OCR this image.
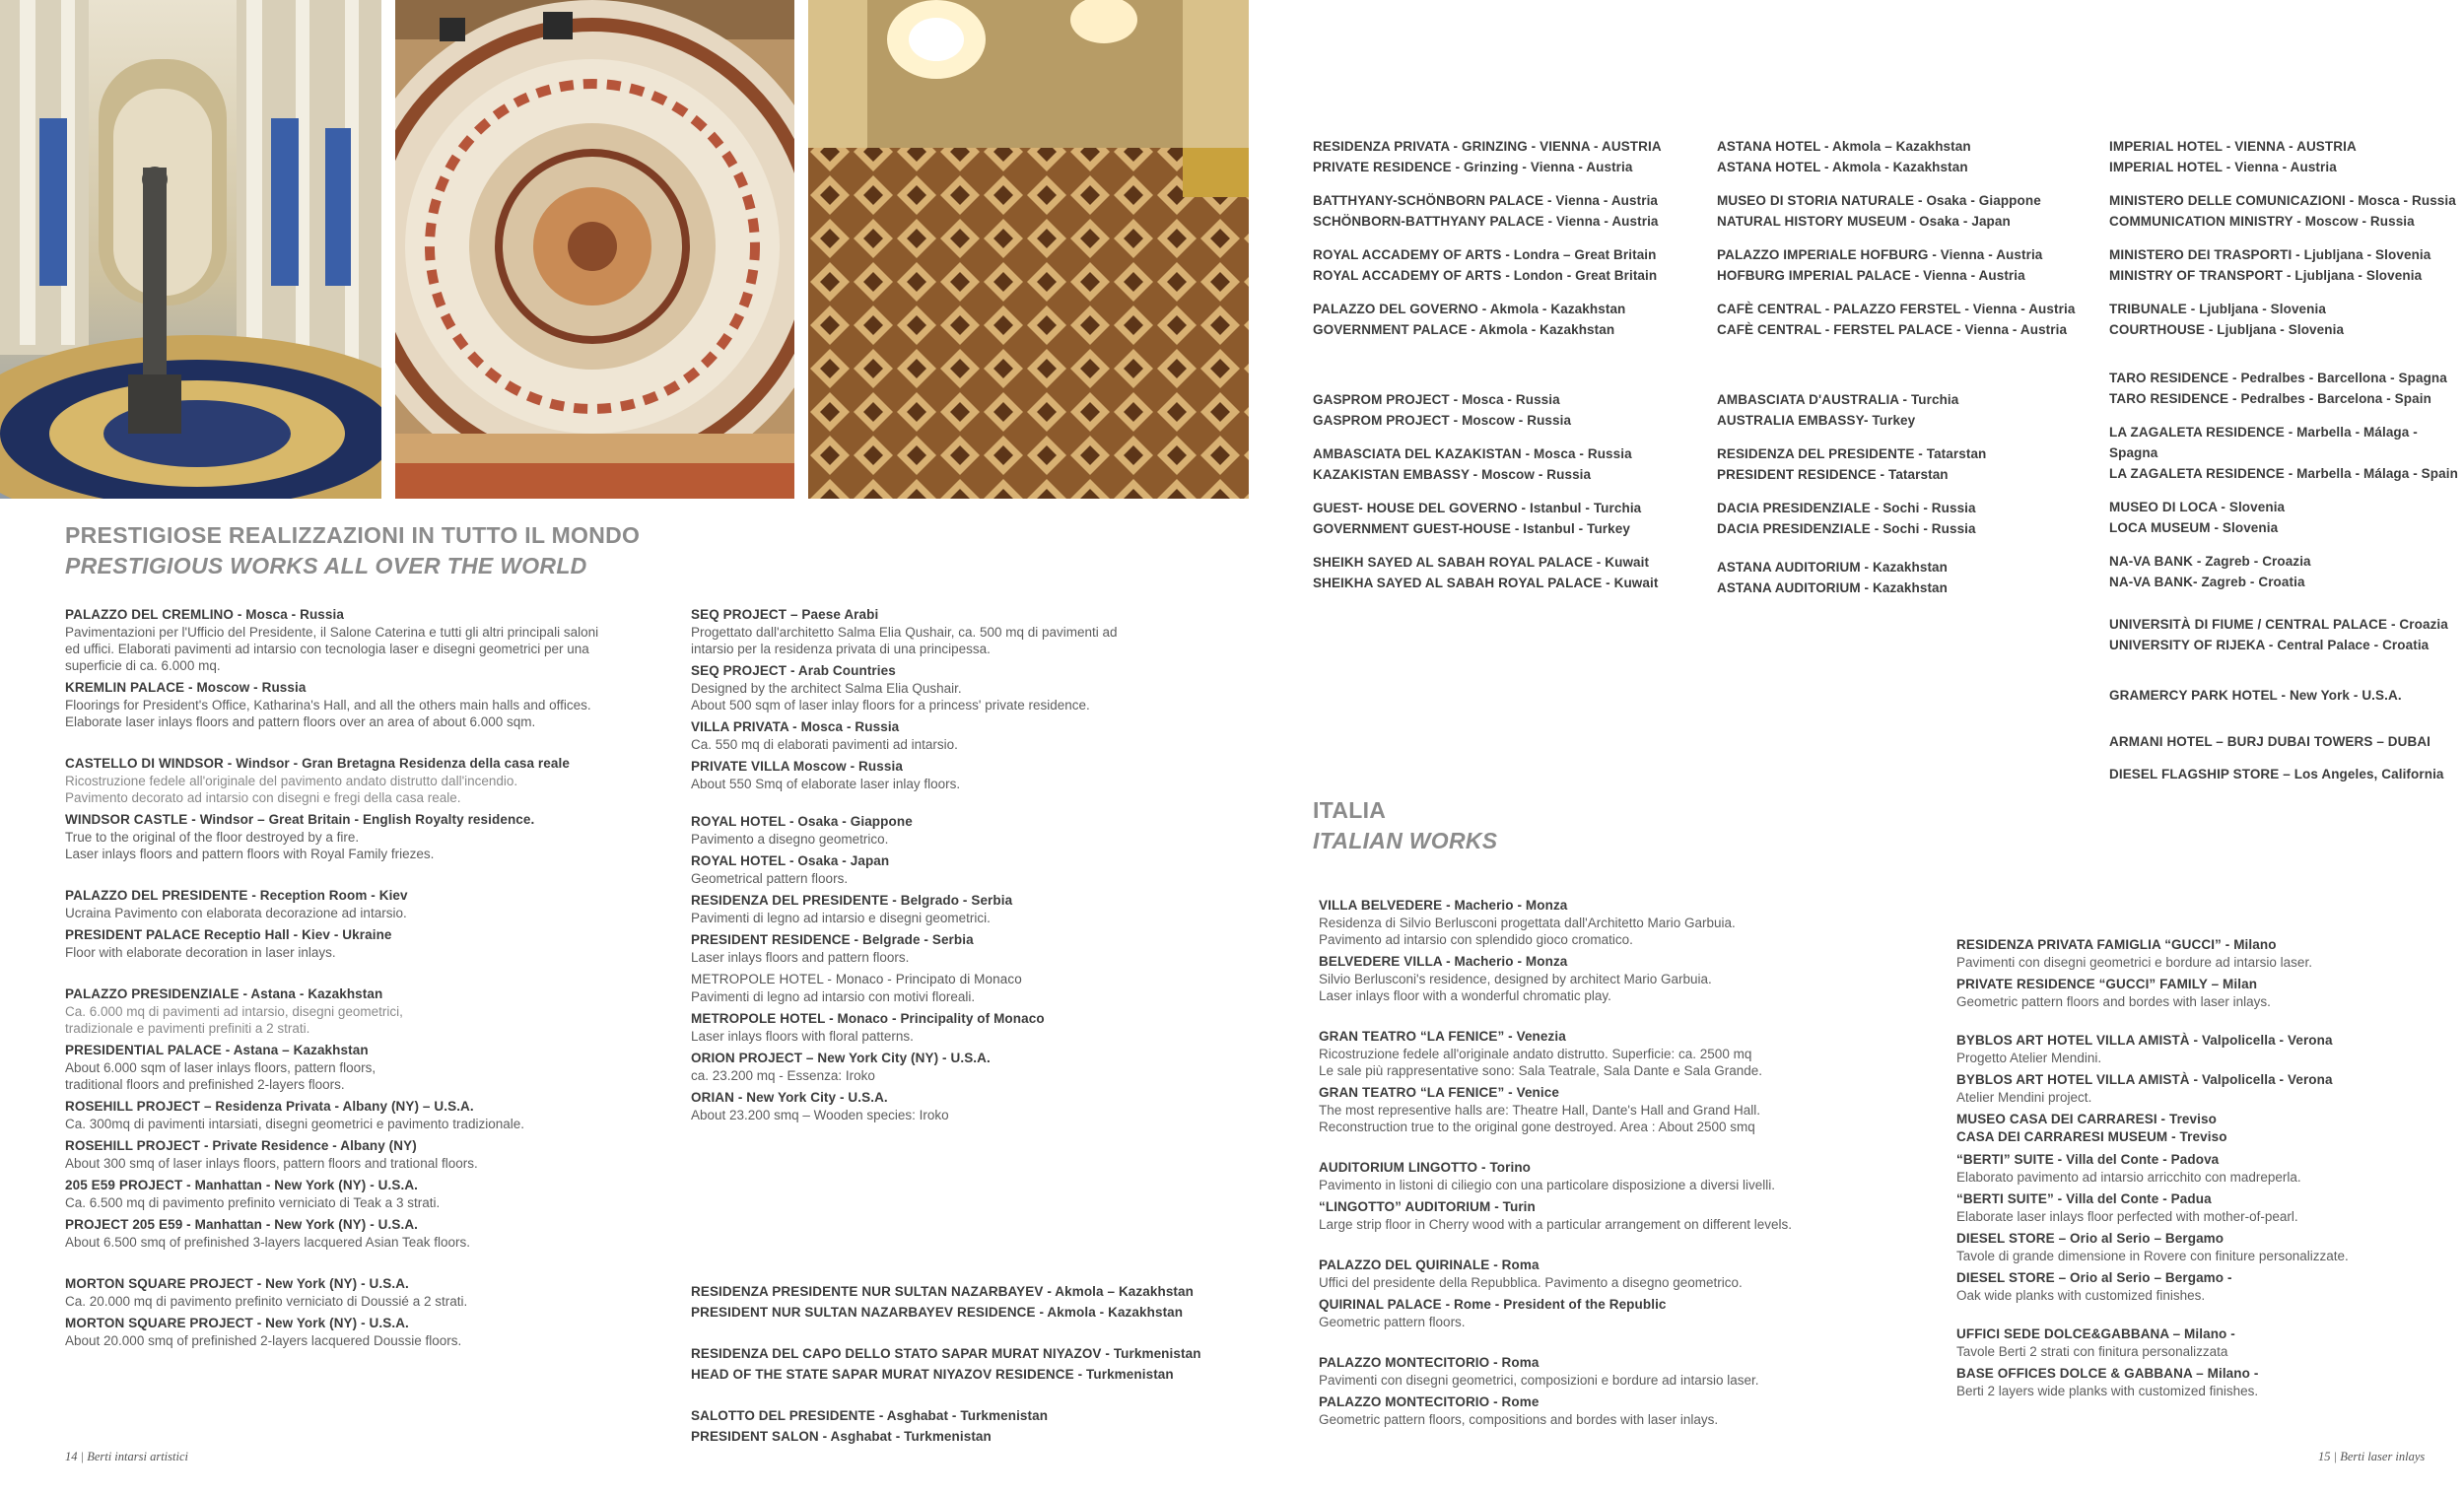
PRESTIGIOSE REALIZZAZIONI IN TUTTO IL MONDO
PRESTIGIOUS WORKS ALL OVER THE WORLD
PALAZZO DEL CREMLINO - Mosca - Russia
Pavimentazioni per l'Ufficio del Presidente, il Salone Caterina e tutti gli altri principali saloni
ed uffici. Elaborati pavimenti ad intarsio con tecnologia laser e disegni geometrici per una
superficie di ca. 6.000 mq.
KREMLIN PALACE - Moscow - Russia
Floorings for President's Office, Katharina's Hall, and all the others main halls and offices.
Elaborate laser inlays floors and pattern floors over an area of about 6.000 sqm.
CASTELLO DI WINDSOR - Windsor - Gran Bretagna Residenza della casa reale
Ricostruzione fedele all'originale del pavimento andato distrutto dall'incendio.
Pavimento decorato ad intarsio con disegni e fregi della casa reale.
WINDSOR CASTLE - Windsor – Great Britain - English Royalty residence.
True to the original of the floor destroyed by a fire.
Laser inlays floors and pattern floors with Royal Family friezes.
PALAZZO DEL PRESIDENTE - Reception Room - Kiev
Ucraina Pavimento con elaborata decorazione ad intarsio.
PRESIDENT PALACE Receptio Hall - Kiev - Ukraine
Floor with elaborate decoration in laser inlays.
PALAZZO PRESIDENZIALE - Astana - Kazakhstan
Ca. 6.000 mq di pavimenti ad intarsio, disegni geometrici,
tradizionale e pavimenti prefiniti a 2 strati.
PRESIDENTIAL PALACE - Astana – Kazakhstan
About 6.000 sqm of laser inlays floors, pattern floors,
traditional floors and prefinished 2-layers floors.
ROSEHILL PROJECT – Residenza Privata - Albany (NY) – U.S.A.
Ca. 300mq di pavimenti intarsiati, disegni geometrici e pavimento tradizionale.
ROSEHILL PROJECT - Private Residence - Albany (NY)
About 300 smq of laser inlays floors, pattern floors and trational floors.
205 E59 PROJECT - Manhattan - New York (NY) - U.S.A.
Ca. 6.500 mq di pavimento prefinito verniciato di Teak a 3 strati.
PROJECT 205 E59 - Manhattan - New York (NY) - U.S.A.
About 6.500 smq of prefinished 3-layers lacquered Asian Teak floors.
MORTON SQUARE PROJECT - New York (NY) - U.S.A.
Ca. 20.000 mq di pavimento prefinito verniciato di Doussié a 2 strati.
MORTON SQUARE PROJECT - New York (NY) - U.S.A.
About 20.000 smq of prefinished 2-layers lacquered Doussie floors.
SEQ PROJECT – Paese Arabi
Progettato dall'architetto Salma Elia Qushair, ca. 500 mq di pavimenti ad
intarsio per la residenza privata di una principessa.
SEQ PROJECT - Arab Countries
Designed by the architect Salma Elia Qushair.
About 500 sqm of laser inlay floors for a princess' private residence.
VILLA PRIVATA - Mosca - Russia
Ca. 550 mq di elaborati pavimenti ad intarsio.
PRIVATE VILLA Moscow - Russia
About 550 Smq of elaborate laser inlay floors.
ROYAL HOTEL - Osaka - Giappone
Pavimento a disegno geometrico.
ROYAL HOTEL - Osaka - Japan
Geometrical pattern floors.
RESIDENZA DEL PRESIDENTE - Belgrado - Serbia
Pavimenti di legno ad intarsio e disegni geometrici.
PRESIDENT RESIDENCE - Belgrade - Serbia
Laser inlays floors and pattern floors.
METROPOLE HOTEL - Monaco - Principato di Monaco
Pavimenti di legno ad intarsio con motivi floreali.
METROPOLE HOTEL - Monaco - Principality of Monaco
Laser inlays floors with floral patterns.
ORION PROJECT – New York City (NY) - U.S.A.
ca. 23.200 mq - Essenza: Iroko
ORIAN - New York City - U.S.A.
About 23.200 smq – Wooden species: Iroko
RESIDENZA PRESIDENTE NUR SULTAN NAZARBAYEV - Akmola – Kazakhstan
PRESIDENT NUR SULTAN NAZARBAYEV RESIDENCE - Akmola - Kazakhstan
RESIDENZA DEL CAPO DELLO STATO SAPAR MURAT NIYAZOV - Turkmenistan
HEAD OF THE STATE SAPAR MURAT NIYAZOV RESIDENCE - Turkmenistan
SALOTTO DEL PRESIDENTE - Asghabat - Turkmenistan
PRESIDENT SALON - Asghabat - Turkmenistan
RESIDENZA PRIVATA - GRINZING - VIENNA - AUSTRIA
PRIVATE RESIDENCE - Grinzing - Vienna - Austria
BATTHYANY-SCHÖNBORN PALACE - Vienna - Austria
SCHÖNBORN-BATTHYANY PALACE - Vienna - Austria
ROYAL ACCADEMY OF ARTS - Londra – Great Britain
ROYAL ACCADEMY OF ARTS - London - Great Britain
PALAZZO DEL GOVERNO - Akmola - Kazakhstan
GOVERNMENT PALACE - Akmola - Kazakhstan
GASPROM PROJECT - Mosca - Russia
GASPROM PROJECT - Moscow - Russia
AMBASCIATA DEL KAZAKISTAN - Mosca - Russia
KAZAKISTAN EMBASSY - Moscow - Russia
GUEST- HOUSE DEL GOVERNO - Istanbul - Turchia
GOVERNMENT GUEST-HOUSE - Istanbul - Turkey
SHEIKH SAYED AL SABAH ROYAL PALACE - Kuwait
SHEIKHA SAYED AL SABAH ROYAL PALACE - Kuwait
ASTANA HOTEL - Akmola – Kazakhstan
ASTANA HOTEL - Akmola - Kazakhstan
MUSEO DI STORIA NATURALE - Osaka - Giappone
NATURAL HISTORY MUSEUM - Osaka - Japan
PALAZZO IMPERIALE HOFBURG - Vienna - Austria
HOFBURG IMPERIAL PALACE - Vienna - Austria
CAFÈ CENTRAL - PALAZZO FERSTEL - Vienna - Austria
CAFÈ CENTRAL - FERSTEL PALACE - Vienna - Austria
AMBASCIATA D'AUSTRALIA - Turchia
AUSTRALIA EMBASSY- Turkey
RESIDENZA DEL PRESIDENTE - Tatarstan
PRESIDENT RESIDENCE - Tatarstan
DACIA PRESIDENZIALE - Sochi - Russia
DACIA PRESIDENZIALE - Sochi - Russia
ASTANA AUDITORIUM - Kazakhstan
ASTANA AUDITORIUM - Kazakhstan
IMPERIAL HOTEL - VIENNA - AUSTRIA
IMPERIAL HOTEL - Vienna - Austria
MINISTERO DELLE COMUNICAZIONI - Mosca - Russia
COMMUNICATION MINISTRY - Moscow - Russia
MINISTERO DEI TRASPORTI - Ljubljana - Slovenia
MINISTRY OF TRANSPORT - Ljubljana - Slovenia
TRIBUNALE - Ljubljana - Slovenia
COURTHOUSE - Ljubljana - Slovenia
TARO RESIDENCE - Pedralbes - Barcellona - Spagna
TARO RESIDENCE - Pedralbes - Barcelona - Spain
LA ZAGALETA RESIDENCE - Marbella - Málaga - Spagna
LA ZAGALETA RESIDENCE - Marbella - Málaga - Spain
MUSEO DI LOCA - Slovenia
LOCA MUSEUM - Slovenia
NA-VA BANK - Zagreb - Croazia
NA-VA BANK- Zagreb - Croatia
UNIVERSITÀ DI FIUME / CENTRAL PALACE - Croazia
UNIVERSITY OF RIJEKA - Central Palace - Croatia
GRAMERCY PARK HOTEL - New York - U.S.A.
ARMANI HOTEL – BURJ DUBAI TOWERS – DUBAI
DIESEL FLAGSHIP STORE – Los Angeles, California
ITALIA
ITALIAN WORKS
VILLA BELVEDERE - Macherio - Monza
Residenza di Silvio Berlusconi progettata dall'Architetto Mario Garbuia.
Pavimento ad intarsio con splendido gioco cromatico.
BELVEDERE VILLA - Macherio - Monza
Silvio Berlusconi's residence, designed by architect Mario Garbuia.
Laser inlays floor with a wonderful chromatic play.
GRAN TEATRO “LA FENICE” - Venezia
Ricostruzione fedele all'originale andato distrutto. Superficie: ca. 2500 mq
Le sale più rappresentative sono: Sala Teatrale, Sala Dante e Sala Grande.
GRAN TEATRO “LA FENICE” - Venice
The most representive halls are: Theatre Hall, Dante's Hall and Grand Hall.
Reconstruction true to the original gone destroyed. Area : About 2500 smq
AUDITORIUM LINGOTTO - Torino
Pavimento in listoni di ciliegio con una particolare disposizione a diversi livelli.
“LINGOTTO” AUDITORIUM - Turin
Large strip floor in Cherry wood with a particular arrangement on different levels.
PALAZZO DEL QUIRINALE - Roma
Uffici del presidente della Repubblica. Pavimento a disegno geometrico.
QUIRINAL PALACE - Rome - President of the Republic
Geometric pattern floors.
PALAZZO MONTECITORIO - Roma
Pavimenti con disegni geometrici, composizioni e bordure ad intarsio laser.
PALAZZO MONTECITORIO - Rome
Geometric pattern floors, compositions and bordes with laser inlays.
RESIDENZA PRIVATA FAMIGLIA “GUCCI” - Milano
Pavimenti con disegni geometrici e bordure ad intarsio laser.
PRIVATE RESIDENCE “GUCCI” FAMILY – Milan
Geometric pattern floors and bordes with laser inlays.
BYBLOS ART HOTEL VILLA AMISTÀ - Valpolicella - Verona
Progetto Atelier Mendini.
BYBLOS ART HOTEL VILLA AMISTÀ - Valpolicella - Verona
Atelier Mendini project.
MUSEO CASA DEI CARRARESI - Treviso
CASA DEI CARRARESI MUSEUM - Treviso
“BERTI” SUITE - Villa del Conte - Padova
Elaborato pavimento ad intarsio arricchito con madreperla.
“BERTI SUITE” - Villa del Conte - Padua
Elaborate laser inlays floor perfected with mother-of-pearl.
DIESEL STORE – Orio al Serio – Bergamo
Tavole di grande dimensione in Rovere con finiture personalizzate.
DIESEL STORE – Orio al Serio – Bergamo -
Oak wide planks with customized finishes.
UFFICI SEDE DOLCE&GABBANA – Milano -
Tavole Berti 2 strati con finitura personalizzata
BASE OFFICES DOLCE & GABBANA – Milano -
Berti 2 layers wide planks with customized finishes.
14 | Berti intarsi artistici	15 | Berti laser inlays
